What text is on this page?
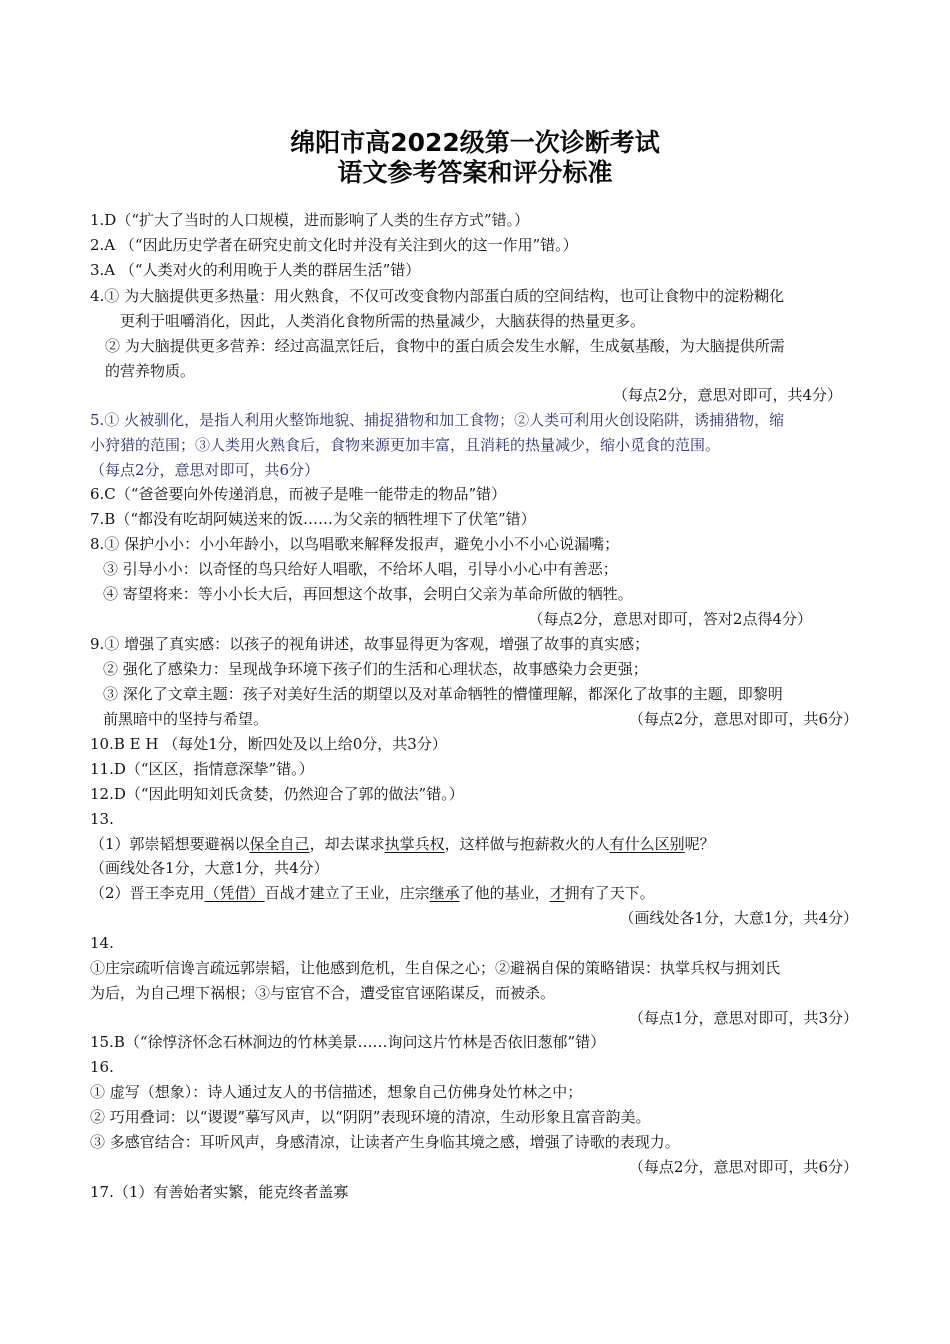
绵阳市高2022级第一次诊断考试
语文参考答案和评分标准
1.D（“扩大了当时的人口规模，进而影响了人类的生存方式”错。）
2.A （“因此历史学者在研究史前文化时并没有关注到火的这一作用”错。）
3.A （“人类对火的利用晚于人类的群居生活”错）
4.① 为大脑提供更多热量：用火熟食，不仅可改变食物内部蛋白质的空间结构，也可让食物中的淀粉糊化
更利于咀嚼消化，因此，人类消化食物所需的热量减少，大脑获得的热量更多。
② 为大脑提供更多营养：经过高温烹饪后，食物中的蛋白质会发生水解，生成氨基酸，为大脑提供所需
的营养物质。
（每点2分，意思对即可，共4分）
5.① 火被驯化，是指人利用火整饰地貌、捕捉猎物和加工食物；②人类可利用火创设陷阱，诱捕猎物，缩
小狩猎的范围；③人类用火熟食后，食物来源更加丰富，且消耗的热量减少，缩小觅食的范围。
（每点2分，意思对即可，共6分）
6.C（“爸爸要向外传递消息，而被子是唯一能带走的物品”错）
7.B（“都没有吃胡阿姨送来的饭……为父亲的牺牲埋下了伏笔”错）
8.① 保护小小：小小年龄小，以鸟唱歌来解释发报声，避免小小不小心说漏嘴；
③ 引导小小：以奇怪的鸟只给好人唱歌，不给坏人唱，引导小小心中有善恶；
④ 寄望将来：等小小长大后，再回想这个故事，会明白父亲为革命所做的牺牲。
（每点2分，意思对即可，答对2点得4分）
9.① 增强了真实感：以孩子的视角讲述，故事显得更为客观，增强了故事的真实感；
② 强化了感染力：呈现战争环境下孩子们的生活和心理状态，故事感染力会更强；
③ 深化了文章主题：孩子对美好生活的期望以及对革命牺牲的懵懂理解，都深化了故事的主题，即黎明
前黑暗中的坚持与希望。	（每点2分，意思对即可，共6分）
10.B E H （每处1分，断四处及以上给0分，共3分）
11.D（“区区，指情意深挚”错。）
12.D（“因此明知刘氏贪婪，仍然迎合了郭的做法”错。）
13.
（1）郭崇韬想要避祸以保全自己，却去谋求执掌兵权，这样做与抱薪救火的人有什么区别呢？
（画线处各1分，大意1分，共4分）
（2）晋王李克用（凭借）百战才建立了王业，庄宗继承了他的基业，才拥有了天下。
（画线处各1分，大意1分，共4分）
14.
①庄宗疏听信谗言疏远郭崇韬，让他感到危机，生自保之心；②避祸自保的策略错误：执掌兵权与拥刘氏
为后，为自己埋下祸根；③与宦官不合，遭受宦官诬陷谋反，而被杀。
（每点1分，意思对即可，共3分）
15.B（“徐惇济怀念石林涧边的竹林美景……询问这片竹林是否依旧葱郁”错）
16.
① 虚写（想象）：诗人通过友人的书信描述，想象自己仿佛身处竹林之中；
② 巧用叠词：以“谡谡”摹写风声，以“阴阴”表现环境的清凉，生动形象且富音韵美。
③ 多感官结合：耳听风声，身感清凉，让读者产生身临其境之感，增强了诗歌的表现力。
（每点2分，意思对即可，共6分）
17.（1）有善始者实繁，能克终者盖寡
